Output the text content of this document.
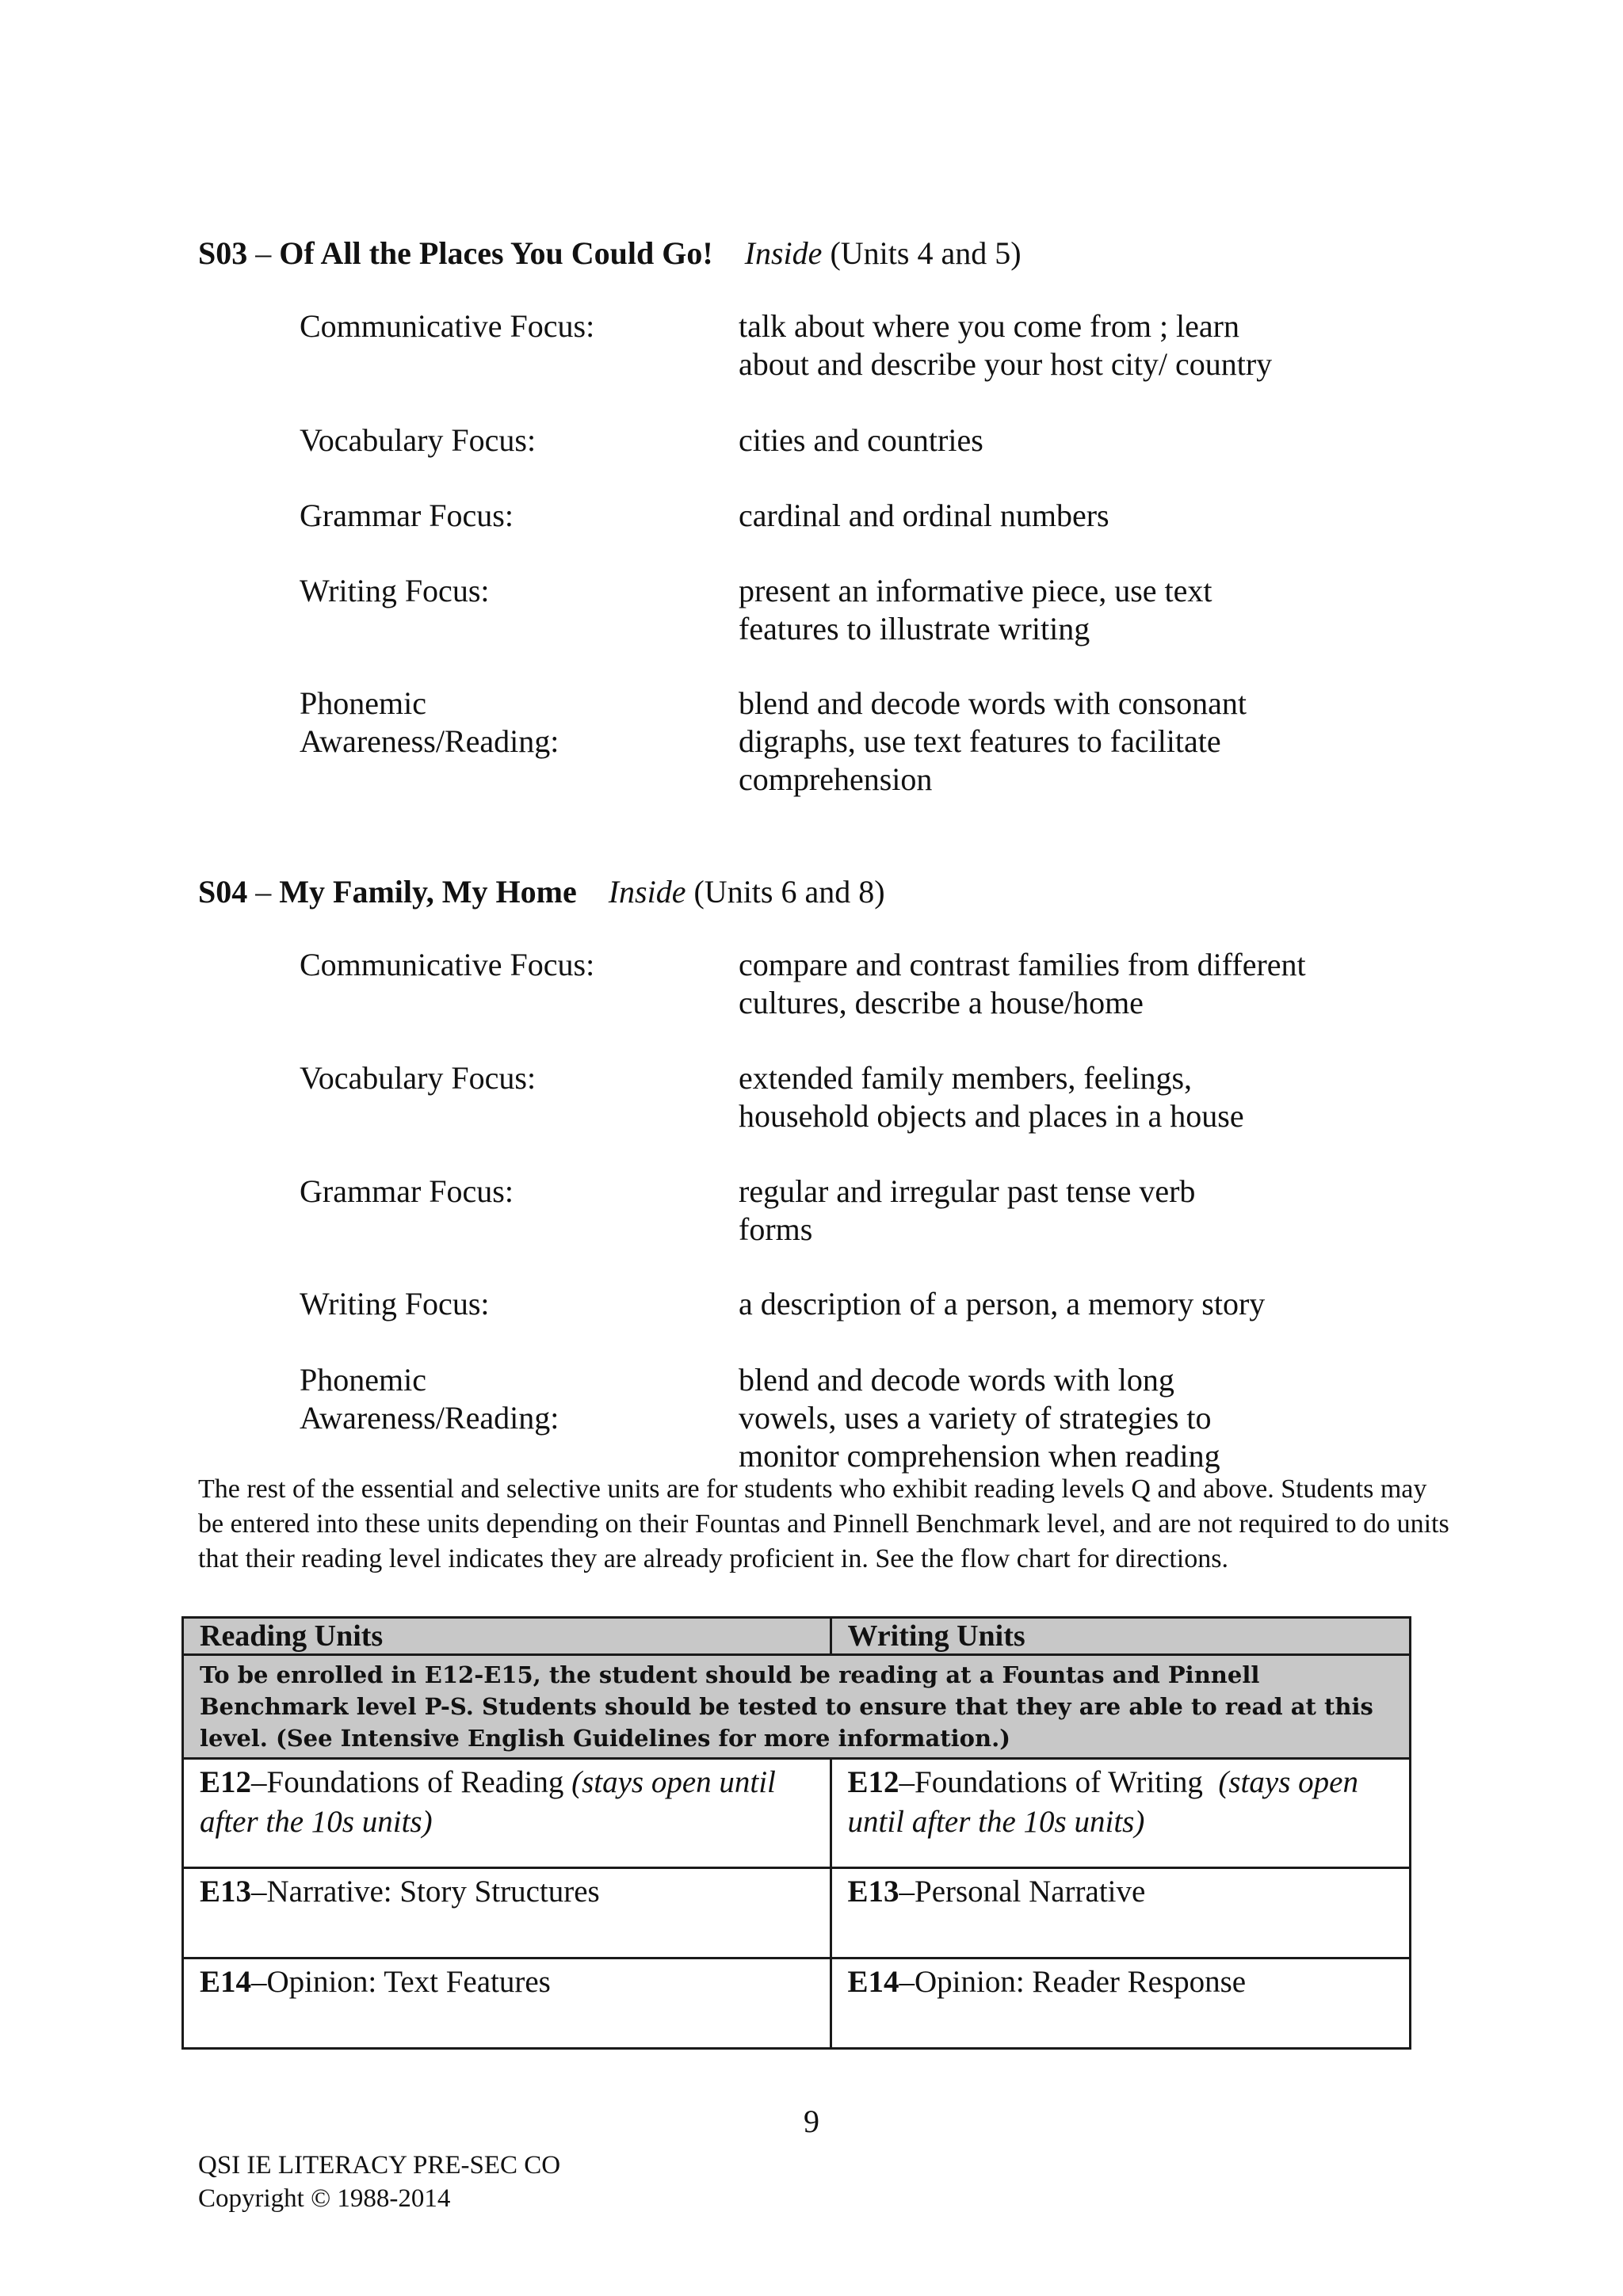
S03 – Of All the Places You Could Go! Inside (Units 4 and 5)
Communicative Focus:	talk about where you come from ; learn about and describe your host city/ country
Vocabulary Focus:	cities and countries
Grammar Focus:	cardinal and ordinal numbers
Writing Focus:	present an informative piece, use text features to illustrate writing
Phonemic Awareness/Reading:
blend and decode words with consonant digraphs, use text features to facilitate comprehension
S04 – My Family, My Home Inside (Units 6 and 8)
Communicative Focus:	compare and contrast families from different cultures, describe a house/home
Vocabulary Focus:	extended family members, feelings, household objects and places in a house
Grammar Focus:	regular and irregular past tense verb forms
Writing Focus:	a description of a person, a memory story
Phonemic Awareness/Reading:
blend and decode words with long vowels, uses a variety of strategies to monitor comprehension when reading
The rest of the essential and selective units are for students who exhibit reading levels Q and above. Students may be entered into these units depending on their Fountas and Pinnell Benchmark level, and are not required to do units that their reading level indicates they are already proficient in. See the flow chart for directions.
Reading Units	Writing Units
To be enrolled in E12-E15, the student should be reading at a Fountas and Pinnell Benchmark level P-S. Students should be tested to ensure that they are able to read at this level. (See Intensive English Guidelines for more information.)	
E12–Foundations of Reading (stays open until after the 10s units)	E12–Foundations of Writing  (stays open until after the 10s units)
E13–Narrative: Story Structures	E13–Personal Narrative
E14–Opinion: Text Features	E14–Opinion: Reader Response
9
QSI IE LITERACY PRE-SEC CO
Copyright © 1988-2014
